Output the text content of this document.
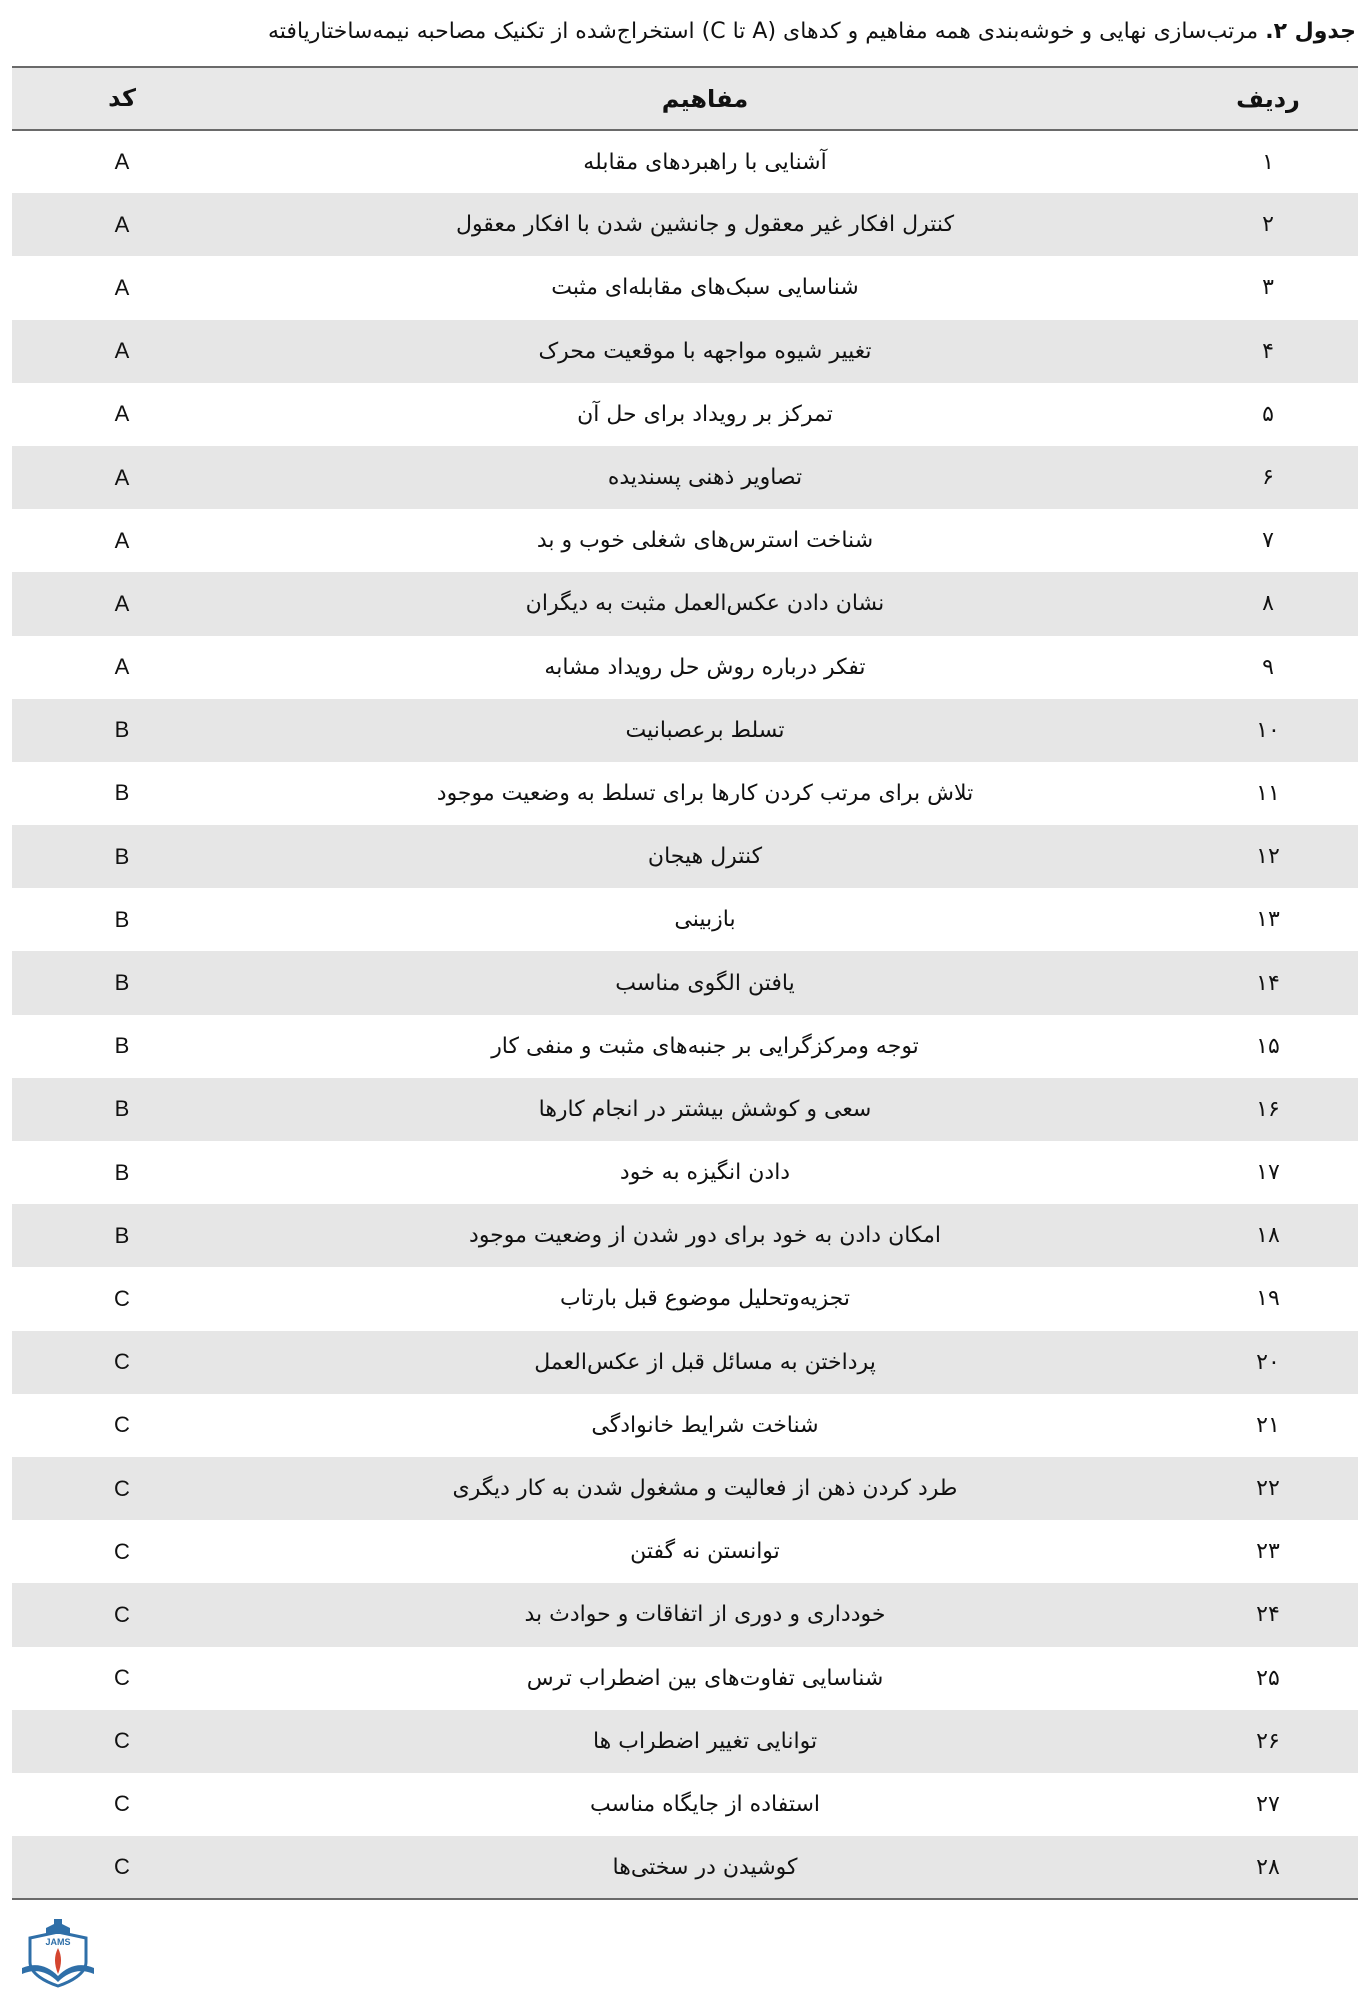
جدول ۲. مرتب‌سازی نهایی و خوشه‌بندی همه مفاهیم و کدهای (A تا C) استخراج‌شده از تکنیک مصاحبه نیمه‌ساختاریافته
ردیف	مفاهیم	کد
۱	آشنایی با راهبردهای مقابله	A
۲	کنترل افکار غیر معقول و جانشین شدن با افکار معقول	A
۳	شناسایی سبک‌های مقابله‌ای مثبت	A
۴	تغییر شیوه مواجهه با موقعیت محرک	A
۵	تمرکز بر رویداد برای حل آن	A
۶	تصاویر ذهنی پسندیده	A
۷	شناخت استرس‌های شغلی خوب و بد	A
۸	نشان دادن عکس‌العمل مثبت به دیگران	A
۹	تفکر درباره روش حل رویداد مشابه	A
۱۰	تسلط برعصبانیت	B
۱۱	تلاش برای مرتب کردن کارها برای تسلط به وضعیت موجود	B
۱۲	کنترل هیجان	B
۱۳	بازبینی	B
۱۴	یافتن الگوی مناسب	B
۱۵	توجه ومرکزگرایی بر جنبه‌های مثبت و منفی کار	B
۱۶	سعی و کوشش بیشتر در انجام کارها	B
۱۷	دادن انگیزه به خود	B
۱۸	امکان دادن به خود برای دور شدن از وضعیت موجود	B
۱۹	تجزیه‌وتحلیل موضوع قبل بارتاب	C
۲۰	پرداختن به مسائل قبل از عکس‌العمل	C
۲۱	شناخت شرایط خانوادگی	C
۲۲	طرد کردن ذهن از فعالیت و مشغول شدن به کار دیگری	C
۲۳	توانستن نه گفتن	C
۲۴	خودداری و دوری از اتفاقات و حوادث بد	C
۲۵	شناسایی تفاوت‌های بین اضطراب ترس	C
۲۶	توانایی تغییر اضطراب ها	C
۲۷	استفاده از جایگاه مناسب	C
۲۸	کوشیدن در سختی‌ها	C
JAMS
